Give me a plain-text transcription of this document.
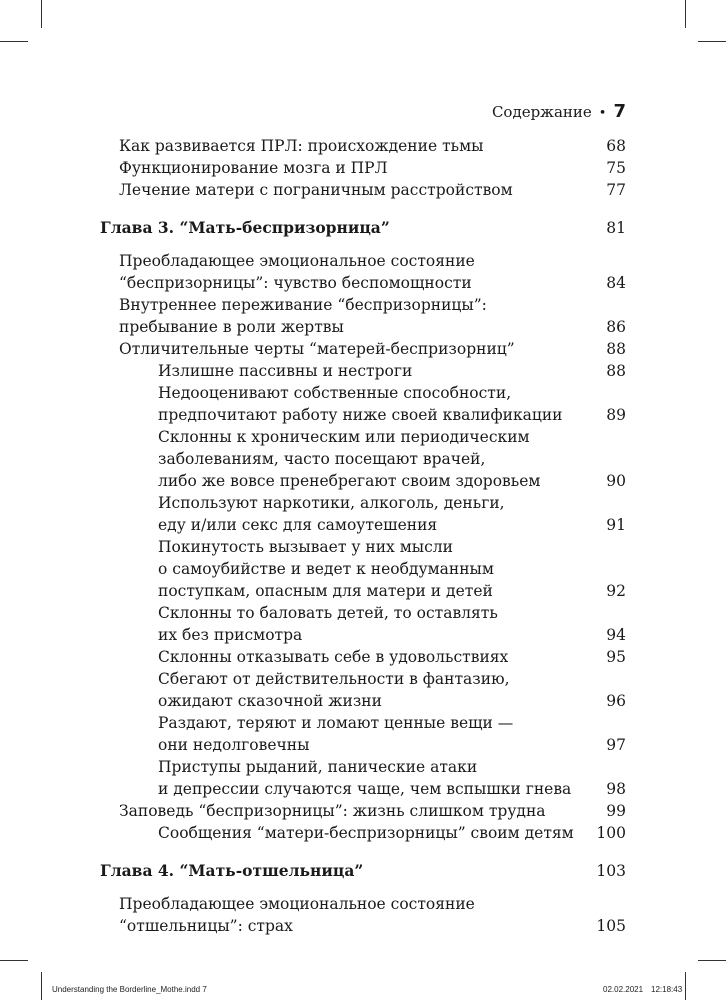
Содержание • 7
Как развивается ПРЛ: происхождение тьмы	68
Функционирование мозга и ПРЛ	75
Лечение матери с пограничным расстройством	77
Глава 3. “Мать-беспризорница”	81
Преобладающее эмоциональное состояние
“беспризорницы”: чувство беспомощности	84
Внутреннее переживание “беспризорницы”:
пребывание в роли жертвы	86
Отличительные черты “матерей-беспризорниц”	88
Излишне пассивны и нестроги	88
Недооценивают собственные способности,
предпочитают работу ниже своей квалификации	89
Склонны к хроническим или периодическим
заболеваниям, часто посещают врачей,
либо же вовсе пренебрегают своим здоровьем	90
Используют наркотики, алкоголь, деньги,
еду и/или секс для самоутешения	91
Покинутость вызывает у них мысли
о самоубийстве и ведет к необдуманным
поступкам, опасным для матери и детей	92
Склонны то баловать детей, то оставлять
их без присмотра	94
Склонны отказывать себе в удовольствиях	95
Сбегают от действительности в фантазию,
ожидают сказочной жизни	96
Раздают, теряют и ломают ценные вещи —
они недолговечны	97
Приступы рыданий, панические атаки
и депрессии случаются чаще, чем вспышки гнева 98
Заповедь “беспризорницы”: жизнь слишком трудна	99
Сообщения “матери-беспризорницы” своим детям 100
Глава 4. “Мать-отшельница”	103
Преобладающее эмоциональное состояние
“отшельницы”: страх	105
Understanding the Borderline_Mothe.indd 7	02.02.2021 12:18:43
